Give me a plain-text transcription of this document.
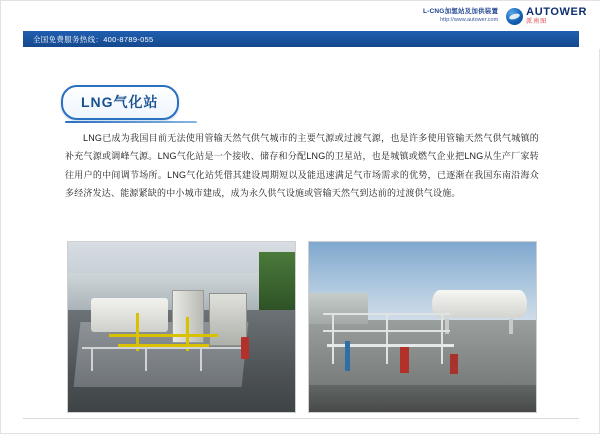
L-CNG加氢站及加供装置
http://www.autower.com
AUTOWER
派南图
全国免费服务热线：400-8789-055
LNG气化站
LNG已成为我国目前无法使用管输天然气供气城市的主要气源或过渡气源，也是许多使用管输天然气供气城镇的补充气源或调峰气源。LNG气化站是一个接收、储存和分配LNG的卫星站，也是城镇或燃气企业把LNG从生产厂家转往用户的中间调节场所。LNG气化站凭借其建设周期短以及能迅速满足气市场需求的优势，已逐渐在我国东南沿海众多经济发达、能源紧缺的中小城市建成，成为永久供气设施或管输天然气到达前的过渡供气设施。
